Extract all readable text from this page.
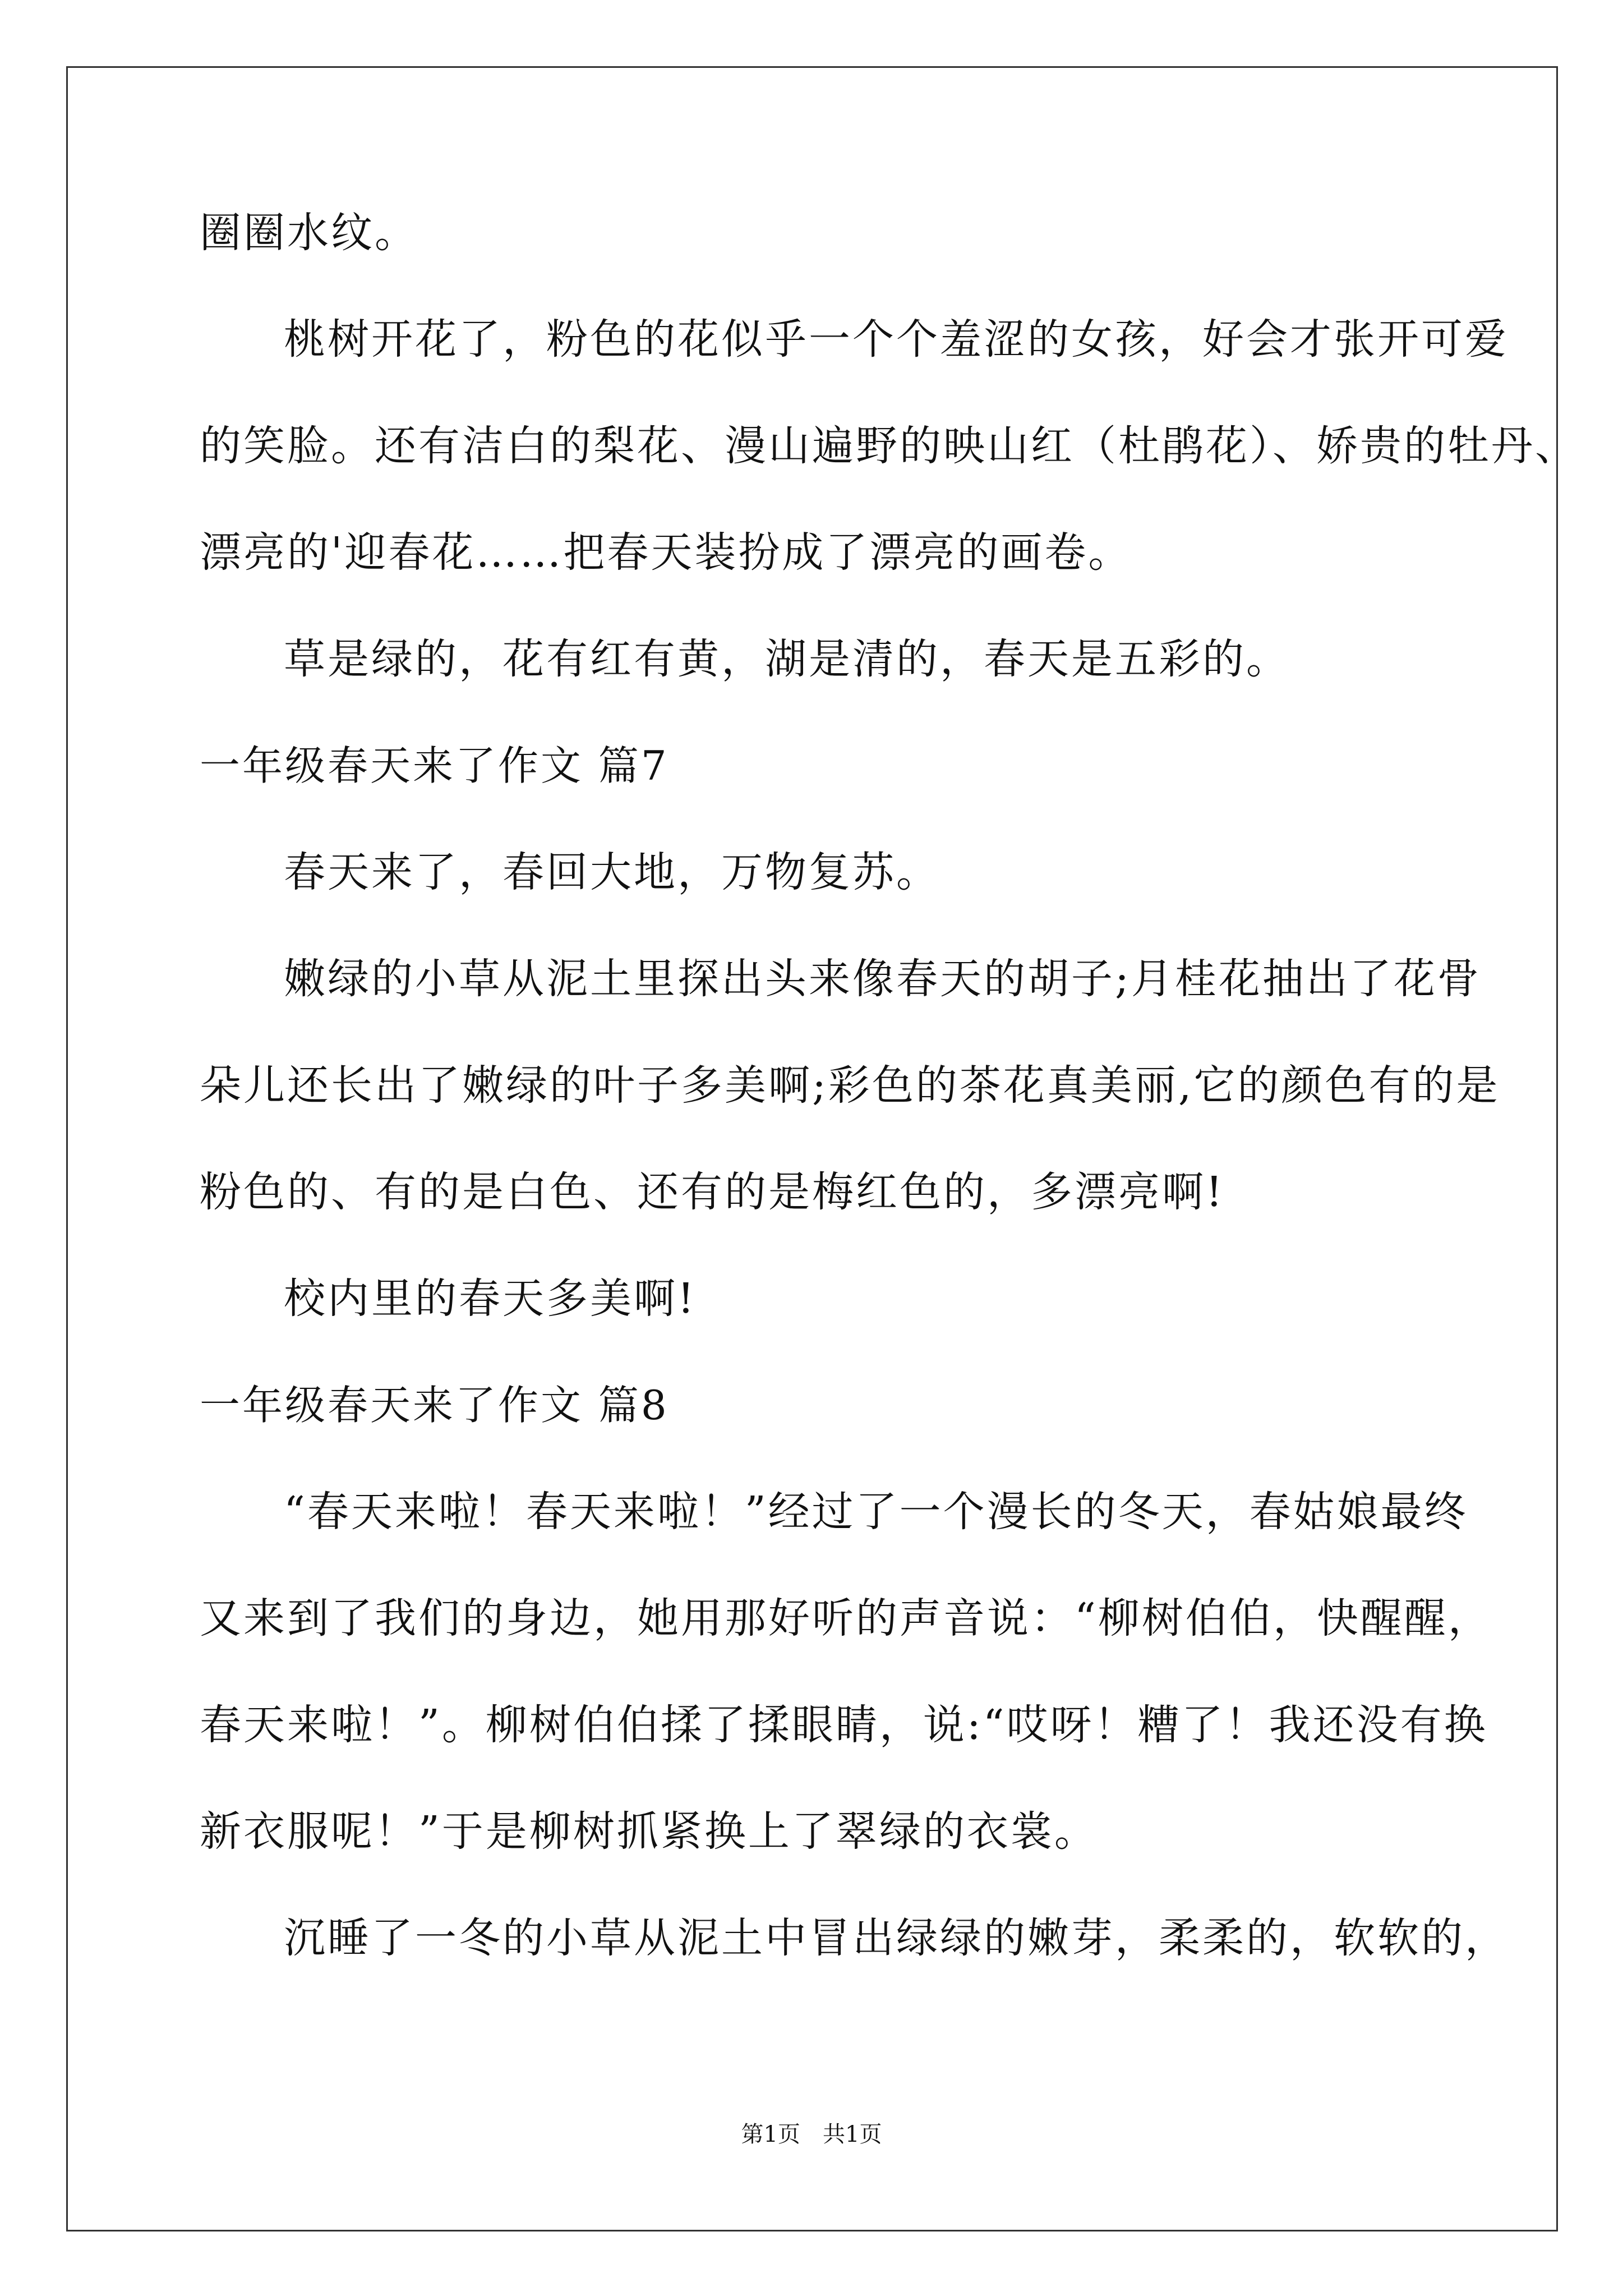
圈圈水纹。
桃树开花了，粉色的花似乎一个个羞涩的女孩，好会才张开可爱
的笑脸。还有洁白的梨花、漫山遍野的映山红（杜鹃花）、娇贵的牡丹、
漂亮的'迎春花……把春天装扮成了漂亮的画卷。
草是绿的，花有红有黄，湖是清的，春天是五彩的。
一年级春天来了作文 篇7
春天来了，春回大地，万物复苏。
嫩绿的小草从泥土里探出头来像春天的胡子;月桂花抽出了花骨
朵儿还长出了嫩绿的叶子多美啊;彩色的茶花真美丽,它的颜色有的是
粉色的、有的是白色、还有的是梅红色的，多漂亮啊!
校内里的春天多美啊!
一年级春天来了作文 篇8
“春天来啦！春天来啦！”经过了一个漫长的冬天，春姑娘最终
又来到了我们的身边，她用那好听的声音说：“柳树伯伯，快醒醒，
春天来啦！”。柳树伯伯揉了揉眼睛，说:“哎呀！糟了！我还没有换
新衣服呢！”于是柳树抓紧换上了翠绿的衣裳。
沉睡了一冬的小草从泥土中冒出绿绿的嫩芽，柔柔的，软软的，
第1页　共1页
